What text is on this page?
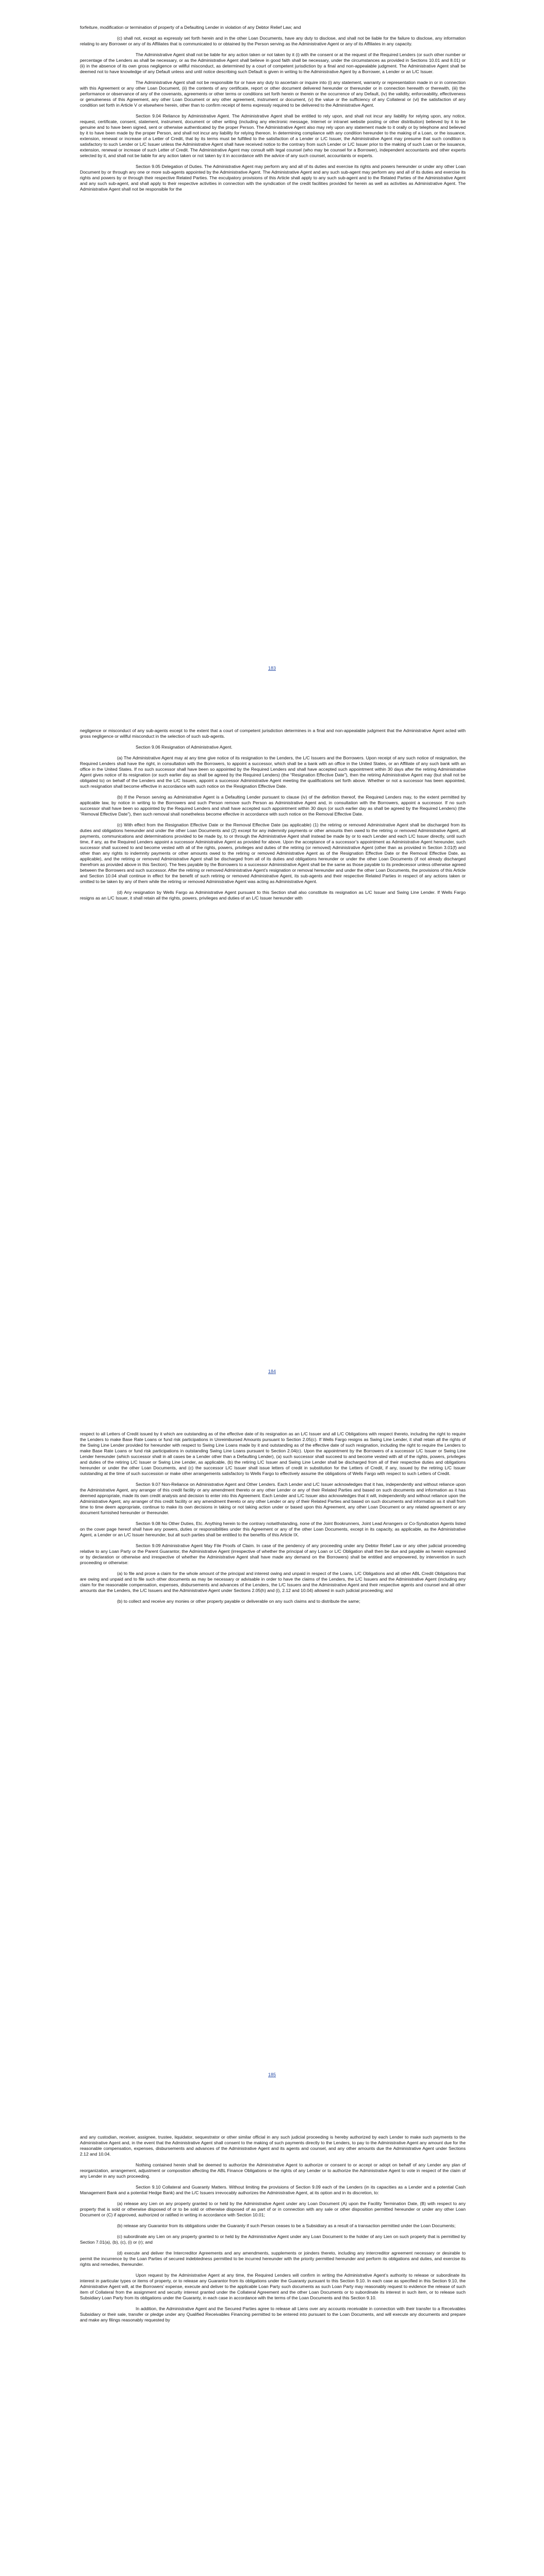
forfeiture, modification or termination of property of a Defaulting Lender in violation of any Debtor Relief Law; and

(c) shall not, except as expressly set forth herein and in the other Loan Documents, have any duty to disclose, and shall not be liable for the failure to disclose, any information relating to any Borrower or any of its Affiliates that is communicated to or obtained by the Person serving as the Administrative Agent or any of its Affiliates in any capacity.

The Administrative Agent shall not be liable for any action taken or not taken by it (i) with the consent or at the request of the Required Lenders (or such other number or percentage of the Lenders as shall be necessary, or as the Administrative Agent shall believe in good faith shall be necessary, under the circumstances as provided in Sections 10.01 and 8.01) or (ii) in the absence of its own gross negligence or willful misconduct, as determined by a court of competent jurisdiction by a final and non-appealable judgment. The Administrative Agent shall be deemed not to have knowledge of any Default unless and until notice describing such Default is given in writing to the Administrative Agent by a Borrower, a Lender or an L/C Issuer.

The Administrative Agent shall not be responsible for or have any duty to ascertain or inquire into (i) any statement, warranty or representation made in or in connection with this Agreement or any other Loan Document, (ii) the contents of any certificate, report or other document delivered hereunder or thereunder or in connection herewith or therewith, (iii) the performance or observance of any of the covenants, agreements or other terms or conditions set forth herein or therein or the occurrence of any Default, (iv) the validity, enforceability, effectiveness or genuineness of this Agreement, any other Loan Document or any other agreement, instrument or document, (v) the value or the sufficiency of any Collateral or (vi) the satisfaction of any condition set forth in Article V or elsewhere herein, other than to confirm receipt of items expressly required to be delivered to the Administrative Agent.

Section 9.04 Reliance by Administrative Agent. The Administrative Agent shall be entitled to rely upon, and shall not incur any liability for relying upon, any notice, request, certificate, consent, statement, instrument, document or other writing (including any electronic message, Internet or intranet website posting or other distribution) believed by it to be genuine and to have been signed, sent or otherwise authenticated by the proper Person. The Administrative Agent also may rely upon any statement made to it orally or by telephone and believed by it to have been made by the proper Person, and shall not incur any liability for relying thereon. In determining compliance with any condition hereunder to the making of a Loan, or the issuance, extension, renewal or increase of a Letter of Credit, that by its terms must be fulfilled to the satisfaction of a Lender or L/C Issuer, the Administrative Agent may presume that such condition is satisfactory to such Lender or L/C Issuer unless the Administrative Agent shall have received notice to the contrary from such Lender or L/C Issuer prior to the making of such Loan or the issuance, extension, renewal or increase of such Letter of Credit. The Administrative Agent may consult with legal counsel (who may be counsel for a Borrower), independent accountants and other experts selected by it, and shall not be liable for any action taken or not taken by it in accordance with the advice of any such counsel, accountants or experts.

Section 9.05 Delegation of Duties. The Administrative Agent may perform any and all of its duties and exercise its rights and powers hereunder or under any other Loan Document by or through any one or more sub-agents appointed by the Administrative Agent. The Administrative Agent and any such sub-agent may perform any and all of its duties and exercise its rights and powers by or through their respective Related Parties. The exculpatory provisions of this Article shall apply to any such sub-agent and to the Related Parties of the Administrative Agent and any such sub-agent, and shall apply to their respective activities in connection with the syndication of the credit facilities provided for herein as well as activities as Administrative Agent. The Administrative Agent shall not be responsible for the

183

negligence or misconduct of any sub-agents except to the extent that a court of competent jurisdiction determines in a final and non-appealable judgment that the Administrative Agent acted with gross negligence or willful misconduct in the selection of such sub-agents.

Section 9.06 Resignation of Administrative Agent.

(a) The Administrative Agent may at any time give notice of its resignation to the Lenders, the L/C Issuers and the Borrowers. Upon receipt of any such notice of resignation, the Required Lenders shall have the right, in consultation with the Borrowers, to appoint a successor, which shall be a bank with an office in the United States, or an Affiliate of any such bank with an office in the United States. If no such successor shall have been so appointed by the Required Lenders and shall have accepted such appointment within 30 days after the retiring Administrative Agent gives notice of its resignation (or such earlier day as shall be agreed by the Required Lenders) (the “Resignation Effective Date”), then the retiring Administrative Agent may (but shall not be obligated to) on behalf of the Lenders and the L/C Issuers, appoint a successor Administrative Agent meeting the qualifications set forth above. Whether or not a successor has been appointed, such resignation shall become effective in accordance with such notice on the Resignation Effective Date.

(b) If the Person serving as Administrative Agent is a Defaulting Lender pursuant to clause (iv) of the definition thereof, the Required Lenders may, to the extent permitted by applicable law, by notice in writing to the Borrowers and such Person remove such Person as Administrative Agent and, in consultation with the Borrowers, appoint a successor. If no such successor shall have been so appointed by the Required Lenders and shall have accepted such appointment within 30 days (or such earlier day as shall be agreed by the Required Lenders) (the “Removal Effective Date”), then such removal shall nonetheless become effective in accordance with such notice on the Removal Effective Date.

(c) With effect from the Resignation Effective Date or the Removal Effective Date (as applicable) (1) the retiring or removed Administrative Agent shall be discharged from its duties and obligations hereunder and under the other Loan Documents and (2) except for any indemnity payments or other amounts then owed to the retiring or removed Administrative Agent, all payments, communications and determinations provided to be made by, to or through the Administrative Agent shall instead be made by or to each Lender and each L/C Issuer directly, until such time, if any, as the Required Lenders appoint a successor Administrative Agent as provided for above. Upon the acceptance of a successor’s appointment as Administrative Agent hereunder, such successor shall succeed to and become vested with all of the rights, powers, privileges and duties of the retiring (or removed) Administrative Agent (other than as provided in Section 3.01(f) and other than any rights to indemnity payments or other amounts owed to the retiring or removed Administrative Agent as of the Resignation Effective Date or the Removal Effective Date, as applicable), and the retiring or removed Administrative Agent shall be discharged from all of its duties and obligations hereunder or under the other Loan Documents (if not already discharged therefrom as provided above in this Section). The fees payable by the Borrowers to a successor Administrative Agent shall be the same as those payable to its predecessor unless otherwise agreed between the Borrowers and such successor. After the retiring or removed Administrative Agent’s resignation or removal hereunder and under the other Loan Documents, the provisions of this Article and Section 10.04 shall continue in effect for the benefit of such retiring or removed Administrative Agent, its sub-agents and their respective Related Parties in respect of any actions taken or omitted to be taken by any of them while the retiring or removed Administrative Agent was acting as Administrative Agent.

(d) Any resignation by Wells Fargo as Administrative Agent pursuant to this Section shall also constitute its resignation as L/C Issuer and Swing Line Lender. If Wells Fargo resigns as an L/C Issuer, it shall retain all the rights, powers, privileges and duties of an L/C Issuer hereunder with

184

respect to all Letters of Credit issued by it which are outstanding as of the effective date of its resignation as an L/C Issuer and all L/C Obligations with respect thereto, including the right to require the Lenders to make Base Rate Loans or fund risk participations in Unreimbursed Amounts pursuant to Section 2.05(c). If Wells Fargo resigns as Swing Line Lender, it shall retain all the rights of the Swing Line Lender provided for hereunder with respect to Swing Line Loans made by it and outstanding as of the effective date of such resignation, including the right to require the Lenders to make Base Rate Loans or fund risk participations in outstanding Swing Line Loans pursuant to Section 2.04(c). Upon the appointment by the Borrowers of a successor L/C Issuer or Swing Line Lender hereunder (which successor shall in all cases be a Lender other than a Defaulting Lender), (a) such successor shall succeed to and become vested with all of the rights, powers, privileges and duties of the retiring L/C Issuer or Swing Line Lender, as applicable, (b) the retiring L/C Issuer and Swing Line Lender shall be discharged from all of their respective duties and obligations hereunder or under the other Loan Documents, and (c) the successor L/C Issuer shall issue letters of credit in substitution for the Letters of Credit, if any, issued by the retiring L/C Issuer outstanding at the time of such succession or make other arrangements satisfactory to Wells Fargo to effectively assume the obligations of Wells Fargo with respect to such Letters of Credit.

Section 9.07 Non-Reliance on Administrative Agent and Other Lenders. Each Lender and L/C Issuer acknowledges that it has, independently and without reliance upon the Administrative Agent, any arranger of this credit facility or any amendment thereto or any other Lender or any of their Related Parties and based on such documents and information as it has deemed appropriate, made its own credit analysis and decision to enter into this Agreement. Each Lender and L/C Issuer also acknowledges that it will, independently and without reliance upon the Administrative Agent, any arranger of this credit facility or any amendment thereto or any other Lender or any of their Related Parties and based on such documents and information as it shall from time to time deem appropriate, continue to make its own decisions in taking or not taking action under or based upon this Agreement, any other Loan Document or any related agreement or any document furnished hereunder or thereunder.

Section 9.08 No Other Duties, Etc. Anything herein to the contrary notwithstanding, none of the Joint Bookrunners, Joint Lead Arrangers or Co-Syndication Agents listed on the cover page hereof shall have any powers, duties or responsibilities under this Agreement or any of the other Loan Documents, except in its capacity, as applicable, as the Administrative Agent, a Lender or an L/C Issuer hereunder, but all such parties shall be entitled to the benefits of this Article IX.

Section 9.09 Administrative Agent May File Proofs of Claim. In case of the pendency of any proceeding under any Debtor Relief Law or any other judicial proceeding relative to any Loan Party or the Parent Guarantor, the Administrative Agent (irrespective of whether the principal of any Loan or L/C Obligation shall then be due and payable as herein expressed or by declaration or otherwise and irrespective of whether the Administrative Agent shall have made any demand on the Borrowers) shall be entitled and empowered, by intervention in such proceeding or otherwise:

(a) to file and prove a claim for the whole amount of the principal and interest owing and unpaid in respect of the Loans, L/C Obligations and all other ABL Credit Obligations that are owing and unpaid and to file such other documents as may be necessary or advisable in order to have the claims of the Lenders, the L/C Issuers and the Administrative Agent (including any claim for the reasonable compensation, expenses, disbursements and advances of the Lenders, the L/C Issuers and the Administrative Agent and their respective agents and counsel and all other amounts due the Lenders, the L/C Issuers and the Administrative Agent under Sections 2.05(h) and (i), 2.12 and 10.04) allowed in such judicial proceeding; and

(b) to collect and receive any monies or other property payable or deliverable on any such claims and to distribute the same;

185

and any custodian, receiver, assignee, trustee, liquidator, sequestrator or other similar official in any such judicial proceeding is hereby authorized by each Lender to make such payments to the Administrative Agent and, in the event that the Administrative Agent shall consent to the making of such payments directly to the Lenders, to pay to the Administrative Agent any amount due for the reasonable compensation, expenses, disbursements and advances of the Administrative Agent and its agents and counsel, and any other amounts due the Administrative Agent under Sections 2.12 and 10.04.

Nothing contained herein shall be deemed to authorize the Administrative Agent to authorize or consent to or accept or adopt on behalf of any Lender any plan of reorganization, arrangement, adjustment or composition affecting the ABL Finance Obligations or the rights of any Lender or to authorize the Administrative Agent to vote in respect of the claim of any Lender in any such proceeding.

Section 9.10 Collateral and Guaranty Matters. Without limiting the provisions of Section 9.09 each of the Lenders (in its capacities as a Lender and a potential Cash Management Bank and a potential Hedge Bank) and the L/C Issuers irrevocably authorizes the Administrative Agent, at its option and in its discretion, to:

(a) release any Lien on any property granted to or held by the Administrative Agent under any Loan Document (A) upon the Facility Termination Date, (B) with respect to any property that is sold or otherwise disposed of or to be sold or otherwise disposed of as part of or in connection with any sale or other disposition permitted hereunder or under any other Loan Document or (C) if approved, authorized or ratified in writing in accordance with Section 10.01;

(b) release any Guarantor from its obligations under the Guaranty if such Person ceases to be a Subsidiary as a result of a transaction permitted under the Loan Documents;

(c) subordinate any Lien on any property granted to or held by the Administrative Agent under any Loan Document to the holder of any Lien on such property that is permitted by Section 7.01(a), (b), (c), (i) or (r); and

(d) execute and deliver the Intercreditor Agreements and any amendments, supplements or joinders thereto, including any intercreditor agreement necessary or desirable to permit the incurrence by the Loan Parties of secured indebtedness permitted to be incurred hereunder with the priority permitted hereunder and perform its obligations and duties, and exercise its rights and remedies, thereunder.

Upon request by the Administrative Agent at any time, the Required Lenders will confirm in writing the Administrative Agent’s authority to release or subordinate its interest in particular types or items of property, or to release any Guarantor from its obligations under the Guaranty pursuant to this Section 9.10. In each case as specified in this Section 9.10, the Administrative Agent will, at the Borrowers’ expense, execute and deliver to the applicable Loan Party such documents as such Loan Party may reasonably request to evidence the release of such item of Collateral from the assignment and security interest granted under the Collateral Agreement and the other Loan Documents or to subordinate its interest in such item, or to release such Subsidiary Loan Party from its obligations under the Guaranty, in each case in accordance with the terms of the Loan Documents and this Section 9.10.

In addition, the Administrative Agent and the Secured Parties agree to release all Liens over any accounts receivable in connection with their transfer to a Receivables Subsidiary or their sale, transfer or pledge under any Qualified Receivables Financing permitted to be entered into pursuant to the Loan Documents, and will execute any documents and prepare and make any filings reasonably requested by
